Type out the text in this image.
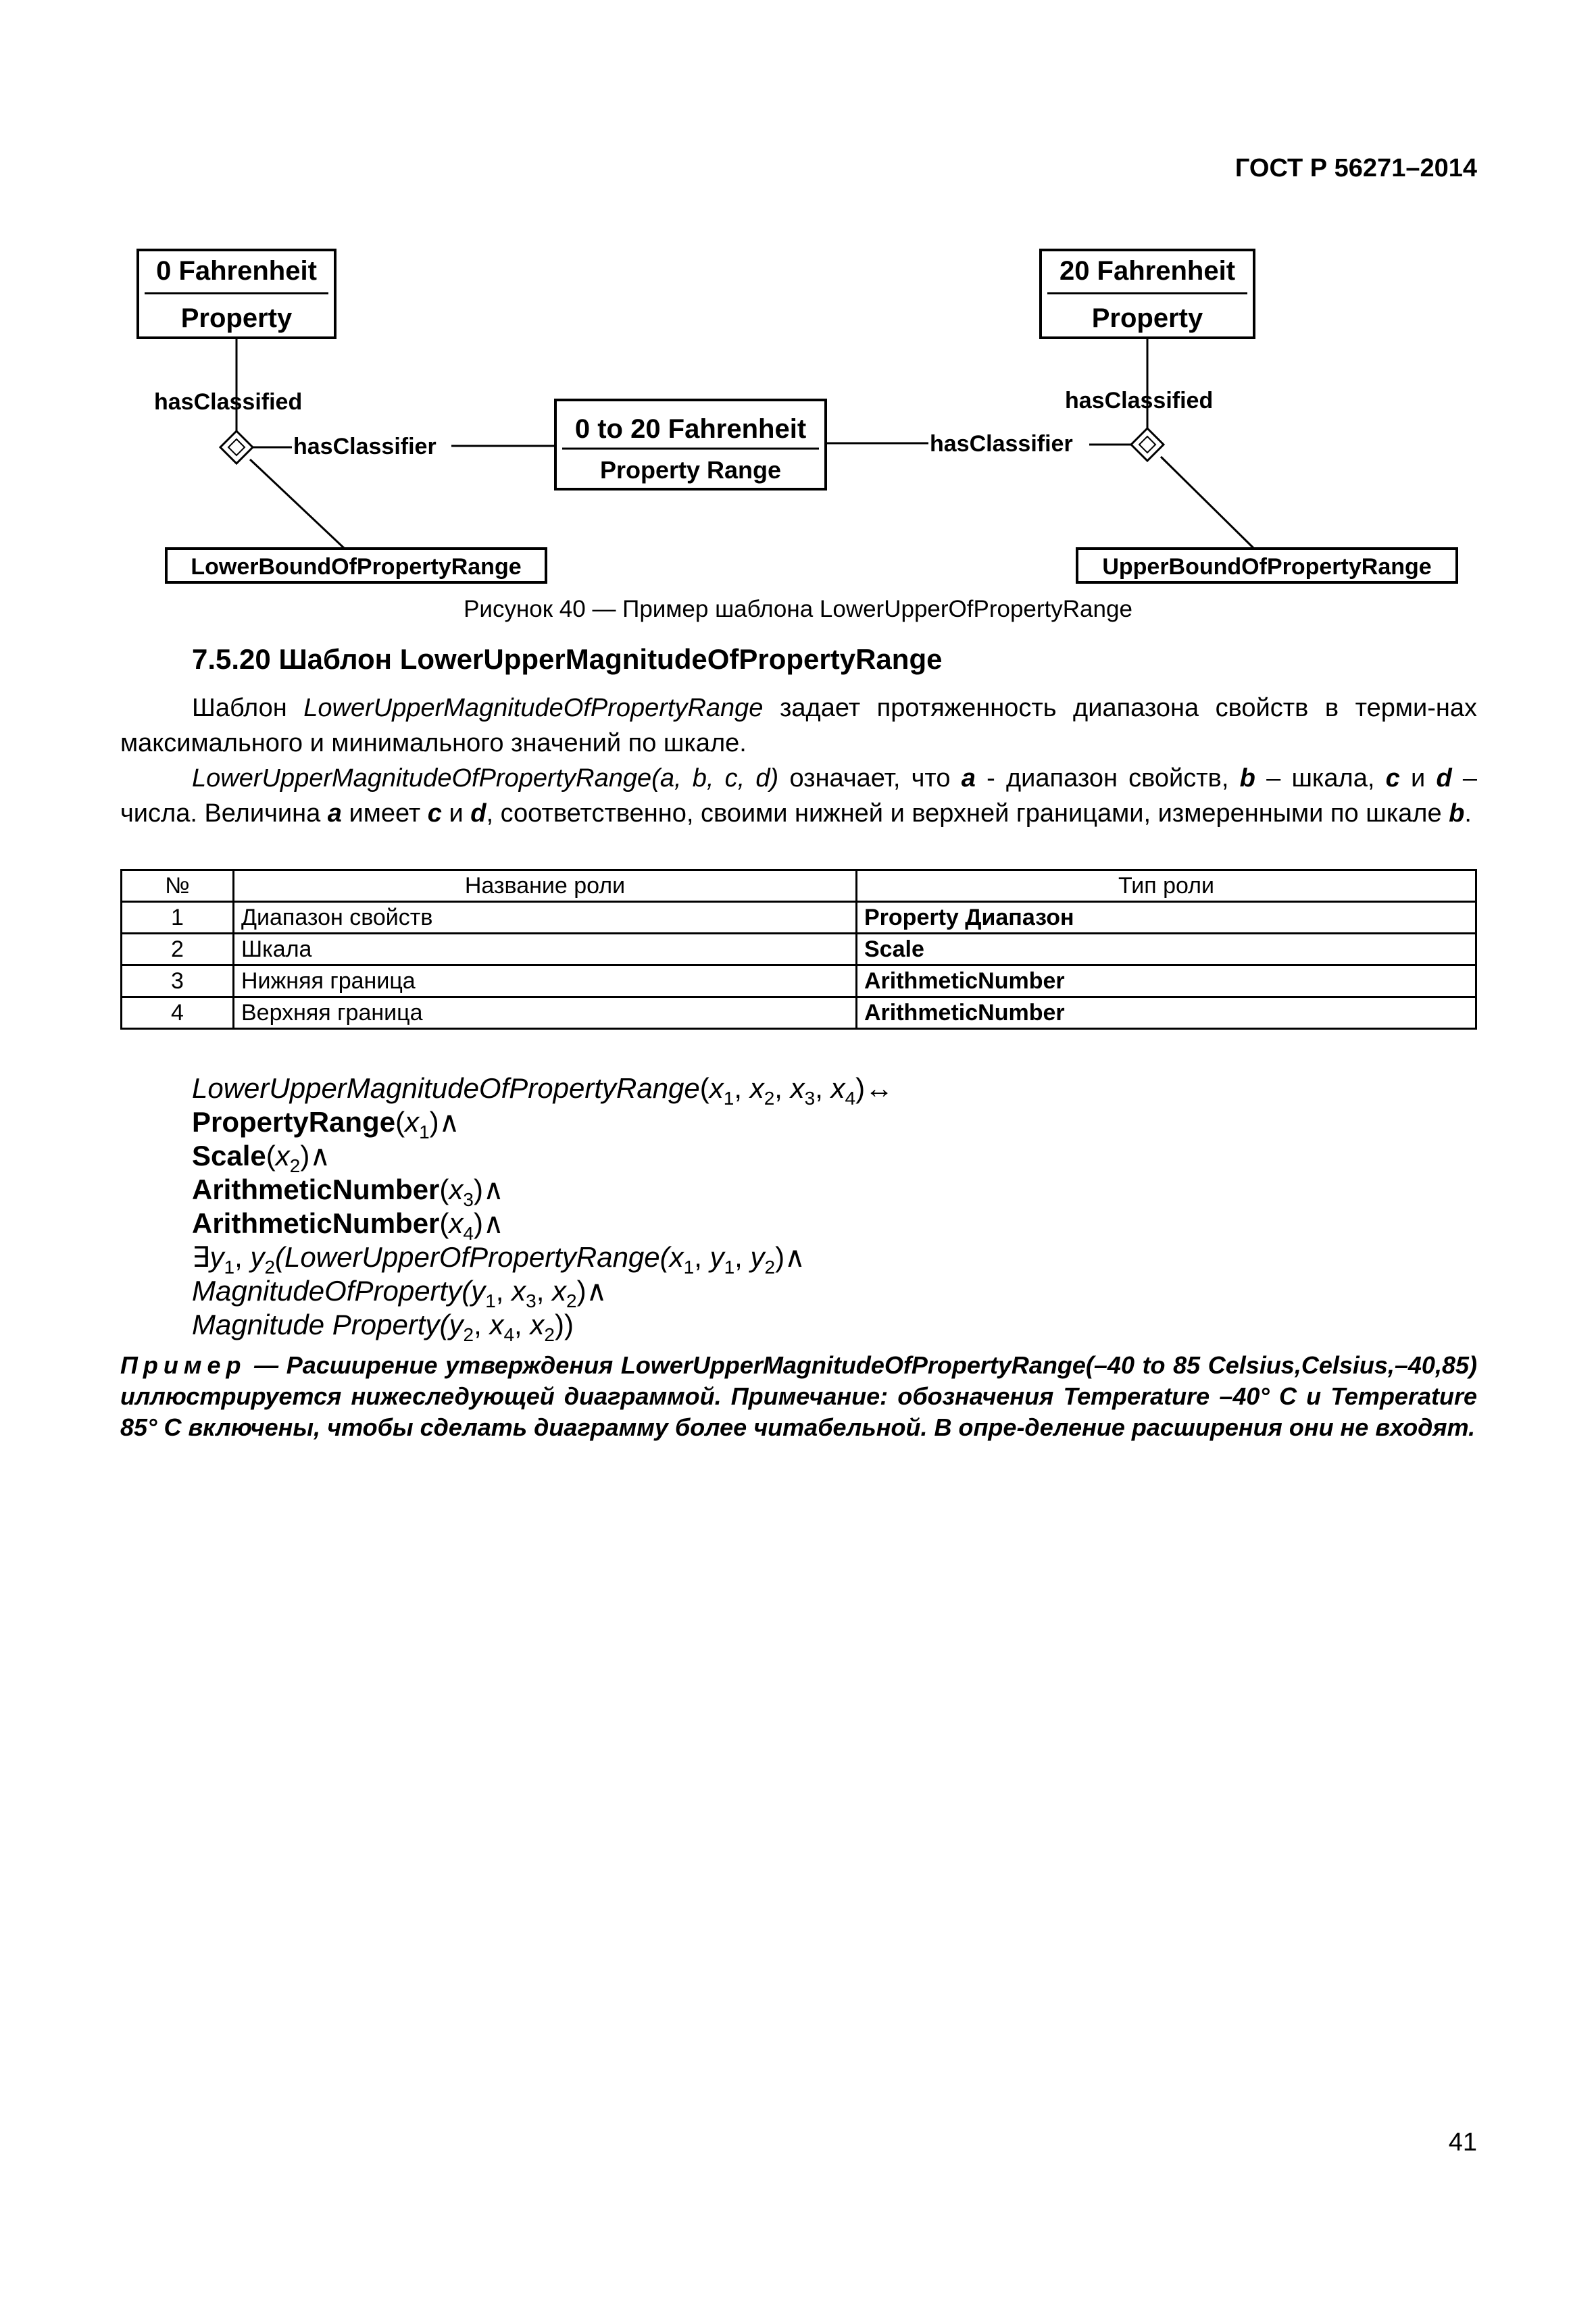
ГОСТ Р 56271–2014
0 Fahrenheit
Property
20 Fahrenheit
Property
0 to 20 Fahrenheit
Property Range
hasClassified
hasClassifier
hasClassified
hasClassifier
LowerBoundOfPropertyRange	UpperBoundOfPropertyRange
Рисунок 40 — Пример шаблона LowerUpperOfPropertyRange
7.5.20 Шаблон LowerUpperMagnitudeOfPropertyRange
Шаблон LowerUpperMagnitudeOfPropertyRange задает протяженность диапазона свойств в терми-нах максимального и минимального значений по шкале.
LowerUpperMagnitudeOfPropertyRange(a, b, c, d) означает, что a - диапазон свойств, b – шкала, c и d – числа. Величина a имеет c и d, соответственно, своими нижней и верхней границами, измеренными по шкале b.
№	Название роли	Тип роли
1	Диапазон свойств	Property Диапазон
2	Шкала	Scale
3	Нижняя граница	ArithmeticNumber
4	Верхняя граница	ArithmeticNumber
$LowerUpperMagnitudeOfPropertyRange(x_1$, $x_2$, $x_3$, $x_4)\leftrightarrow$
$PropertyRange(x_1)\wedge$
$Scale(x_2)\wedge$
$ArithmeticNumber(x_3)\wedge$
$ArithmeticNumber(x_4)\wedge$
$\exists y_1$, $y_2(LowerUpperOfPropertyRange(x_1$, $y_1$, $y_2)\wedge$
$MagnitudeOfProperty(y_1$, $x_3$, $x_2)\wedge$
Magnitude $Property(y_2$, $x_4$, $x_2$))
Пример — Расширение утверждения LowerUpperMagnitudeOfPropertyRange(–40 to 85 Celsius,Celsius,–40,85) иллюстрируется нижеследующей диаграммой. Примечание: обозначения Temperature –40° C и Temperature 85° C включены, чтобы сделать диаграмму более читабельной. В опре-деление расширения они не входят.
41
